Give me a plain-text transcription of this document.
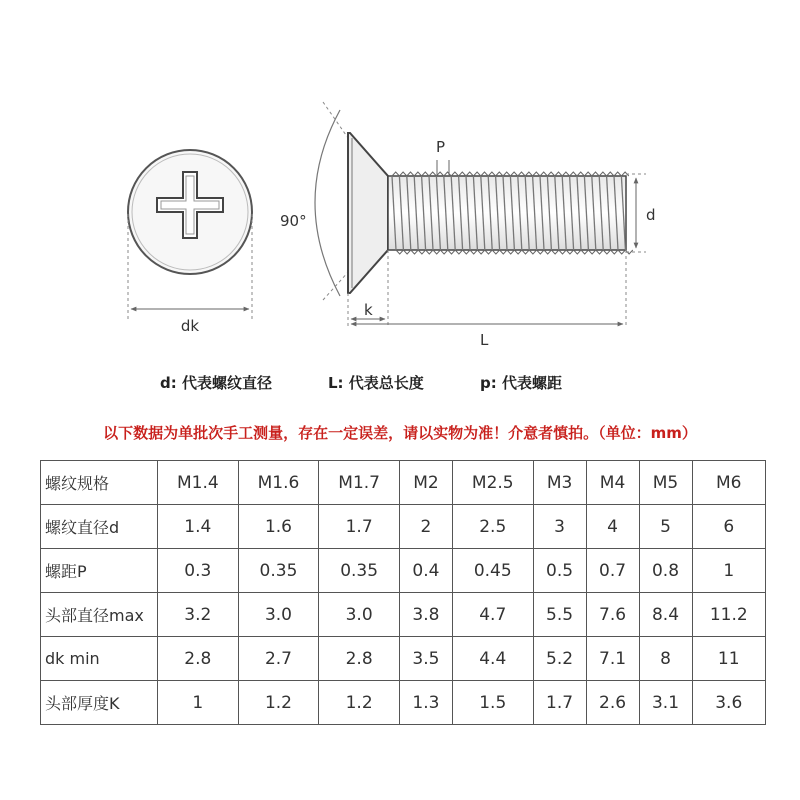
dk
90°
P
d
k
L
d: 代表螺纹直径	L: 代表总长度	p: 代表螺距
以下数据为单批次手工测量，存在一定误差，请以实物为准！介意者慎拍。（单位：mm）
螺纹规格	M1.4	M1.6	M1.7	M2	M2.5	M3	M4	M5	M6
螺纹直径d	1.4	1.6	1.7	2	2.5	3	4	5	6
螺距P	0.3	0.35	0.35	0.4	0.45	0.5	0.7	0.8	1
头部直径max	3.2	3.0	3.0	3.8	4.7	5.5	7.6	8.4	11.2
dk min	2.8	2.7	2.8	3.5	4.4	5.2	7.1	8	11
头部厚度K	1	1.2	1.2	1.3	1.5	1.7	2.6	3.1	3.6
